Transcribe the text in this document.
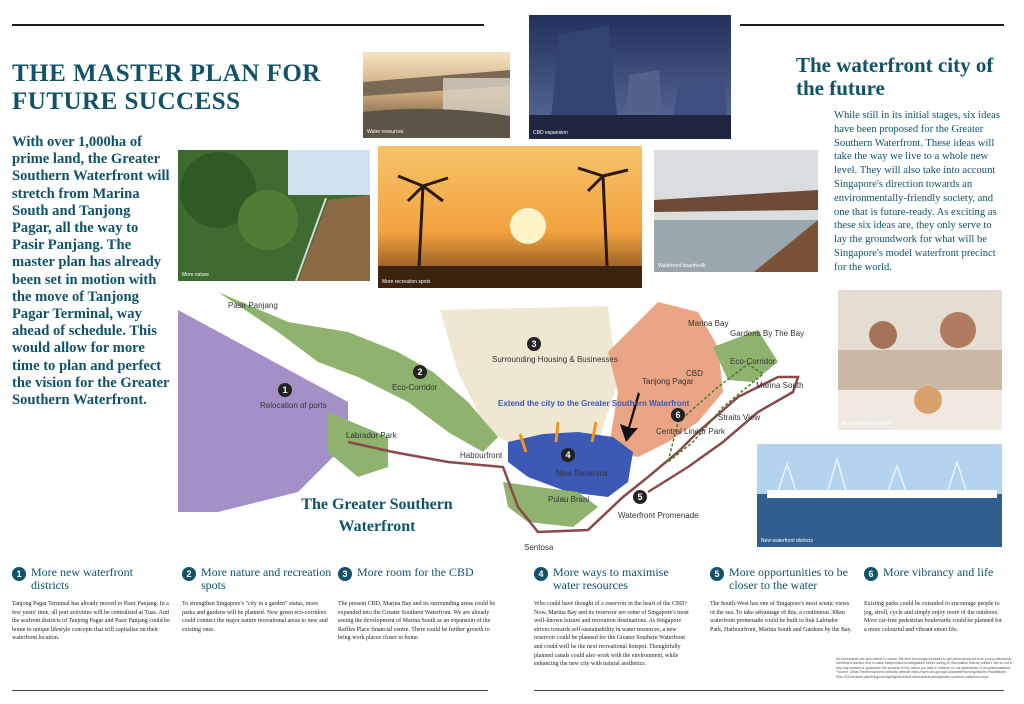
THE MASTER PLAN FOR FUTURE SUCCESS
With over 1,000ha of prime land, the Greater Southern Waterfront will stretch from Marina South and Tanjong Pagar, all the way to Pasir Panjang. The master plan has already been set in motion with the move of Tanjong Pagar Terminal, way ahead of schedule. This would allow for more time to plan and perfect the vision for the Greater Southern Waterfront.
The waterfront city of the future
While still in its initial stages, six ideas have been proposed for the Greater Southern Waterfront. These ideas will take the way we live to a whole new level. They will also take into account Singapore's direction towards an environmentally-friendly society, and one that is future-ready. As exciting as these six ideas are, they only serve to lay the groundwork for what will be Singapore's model waterfront precinct for the world.
Water resources	CBD expansion
More nature
More recreation spots
Waterfront boardwalk
More vibrancy and life
New waterfront districts
1
2
3
4
5
6
Pasir Panjang
Relocation of ports
Eco-Corridor
Labrador Park
Habourfront
Surrounding Housing & Businesses
Extend the city to the Greater Southern Waterfront
New Reservoir
Pulau Brani
Waterfront Promenade
Sentosa
Marina Bay
Gardens By The Bay
Eco-Corridor
CBD
Tanjong Pagar	Marina South
Straits View
Central Linear Park
The Greater Southern Waterfront
1 More new waterfront districts
Tanjong Pagar Terminal has already moved to Pasir Panjang. In a few years' time, all port activities will be centralised at Tuas. And the seafront districts of Tanjong Pagar and Pasir Panjang could be home to unique lifestyle concepts that will capitalise on their waterfront location.
2 More nature and recreation spots
To strengthen Singapore's "city in a garden" status, more parks and gardens will be planned. New green eco-corridors could connect the major nature recreational areas to new and existing ones.
3 More room for the CBD
The present CBD, Marina Bay and its surrounding areas could be expanded into the Greater Southern Waterfront. We are already seeing the development of Marina South as an expansion of the Raffles Place financial centre. There could be further growth to bring work places closer to home.
4 More ways to maximise water resources
Who could have thought of a reservoir in the heart of the CBD? Now, Marina Bay and its reservoir are some of Singapore's most well-known leisure and recreation destinations. As Singapore strives towards self-sustainability in water resources, a new reservoir could be planned for the Greater Southern Waterfront and could well be the next recreational hotspot. Thoughtfully planned canals could also work with the environment, while enhancing the new city with natural aesthetics.
5 More opportunities to be closer to the water
The South-West has one of Singapore's most scenic views of the sea. To take advantage of this, a continuous 30km waterfront promenade could be built to link Labrador Park, Harbourfront, Marina South and Gardens by the Bay.
6 More vibrancy and life
Existing parks could be extended to encourage people to jog, stroll, cycle and simply enjoy more of the outdoors. More car-free pedestrian boulevards could be planned for a more colourful and vibrant street life.
All investments are speculative in nature. We also encourage investors to get personal advice from your professional investment advisor and to make independent investigations before acting on information that we publish. We do not in any way warrant or guarantee the success of any action you take in reliance on our statements or recommendations. *Source: Urban Redevelopment Authority website https://www.ura.gov.sg/Corporate/Planning/Master-Plan/Master-Plan-2014/master-plan/Regional-highlights/central-area/central-area/greater-southern-waterfront.aspx
